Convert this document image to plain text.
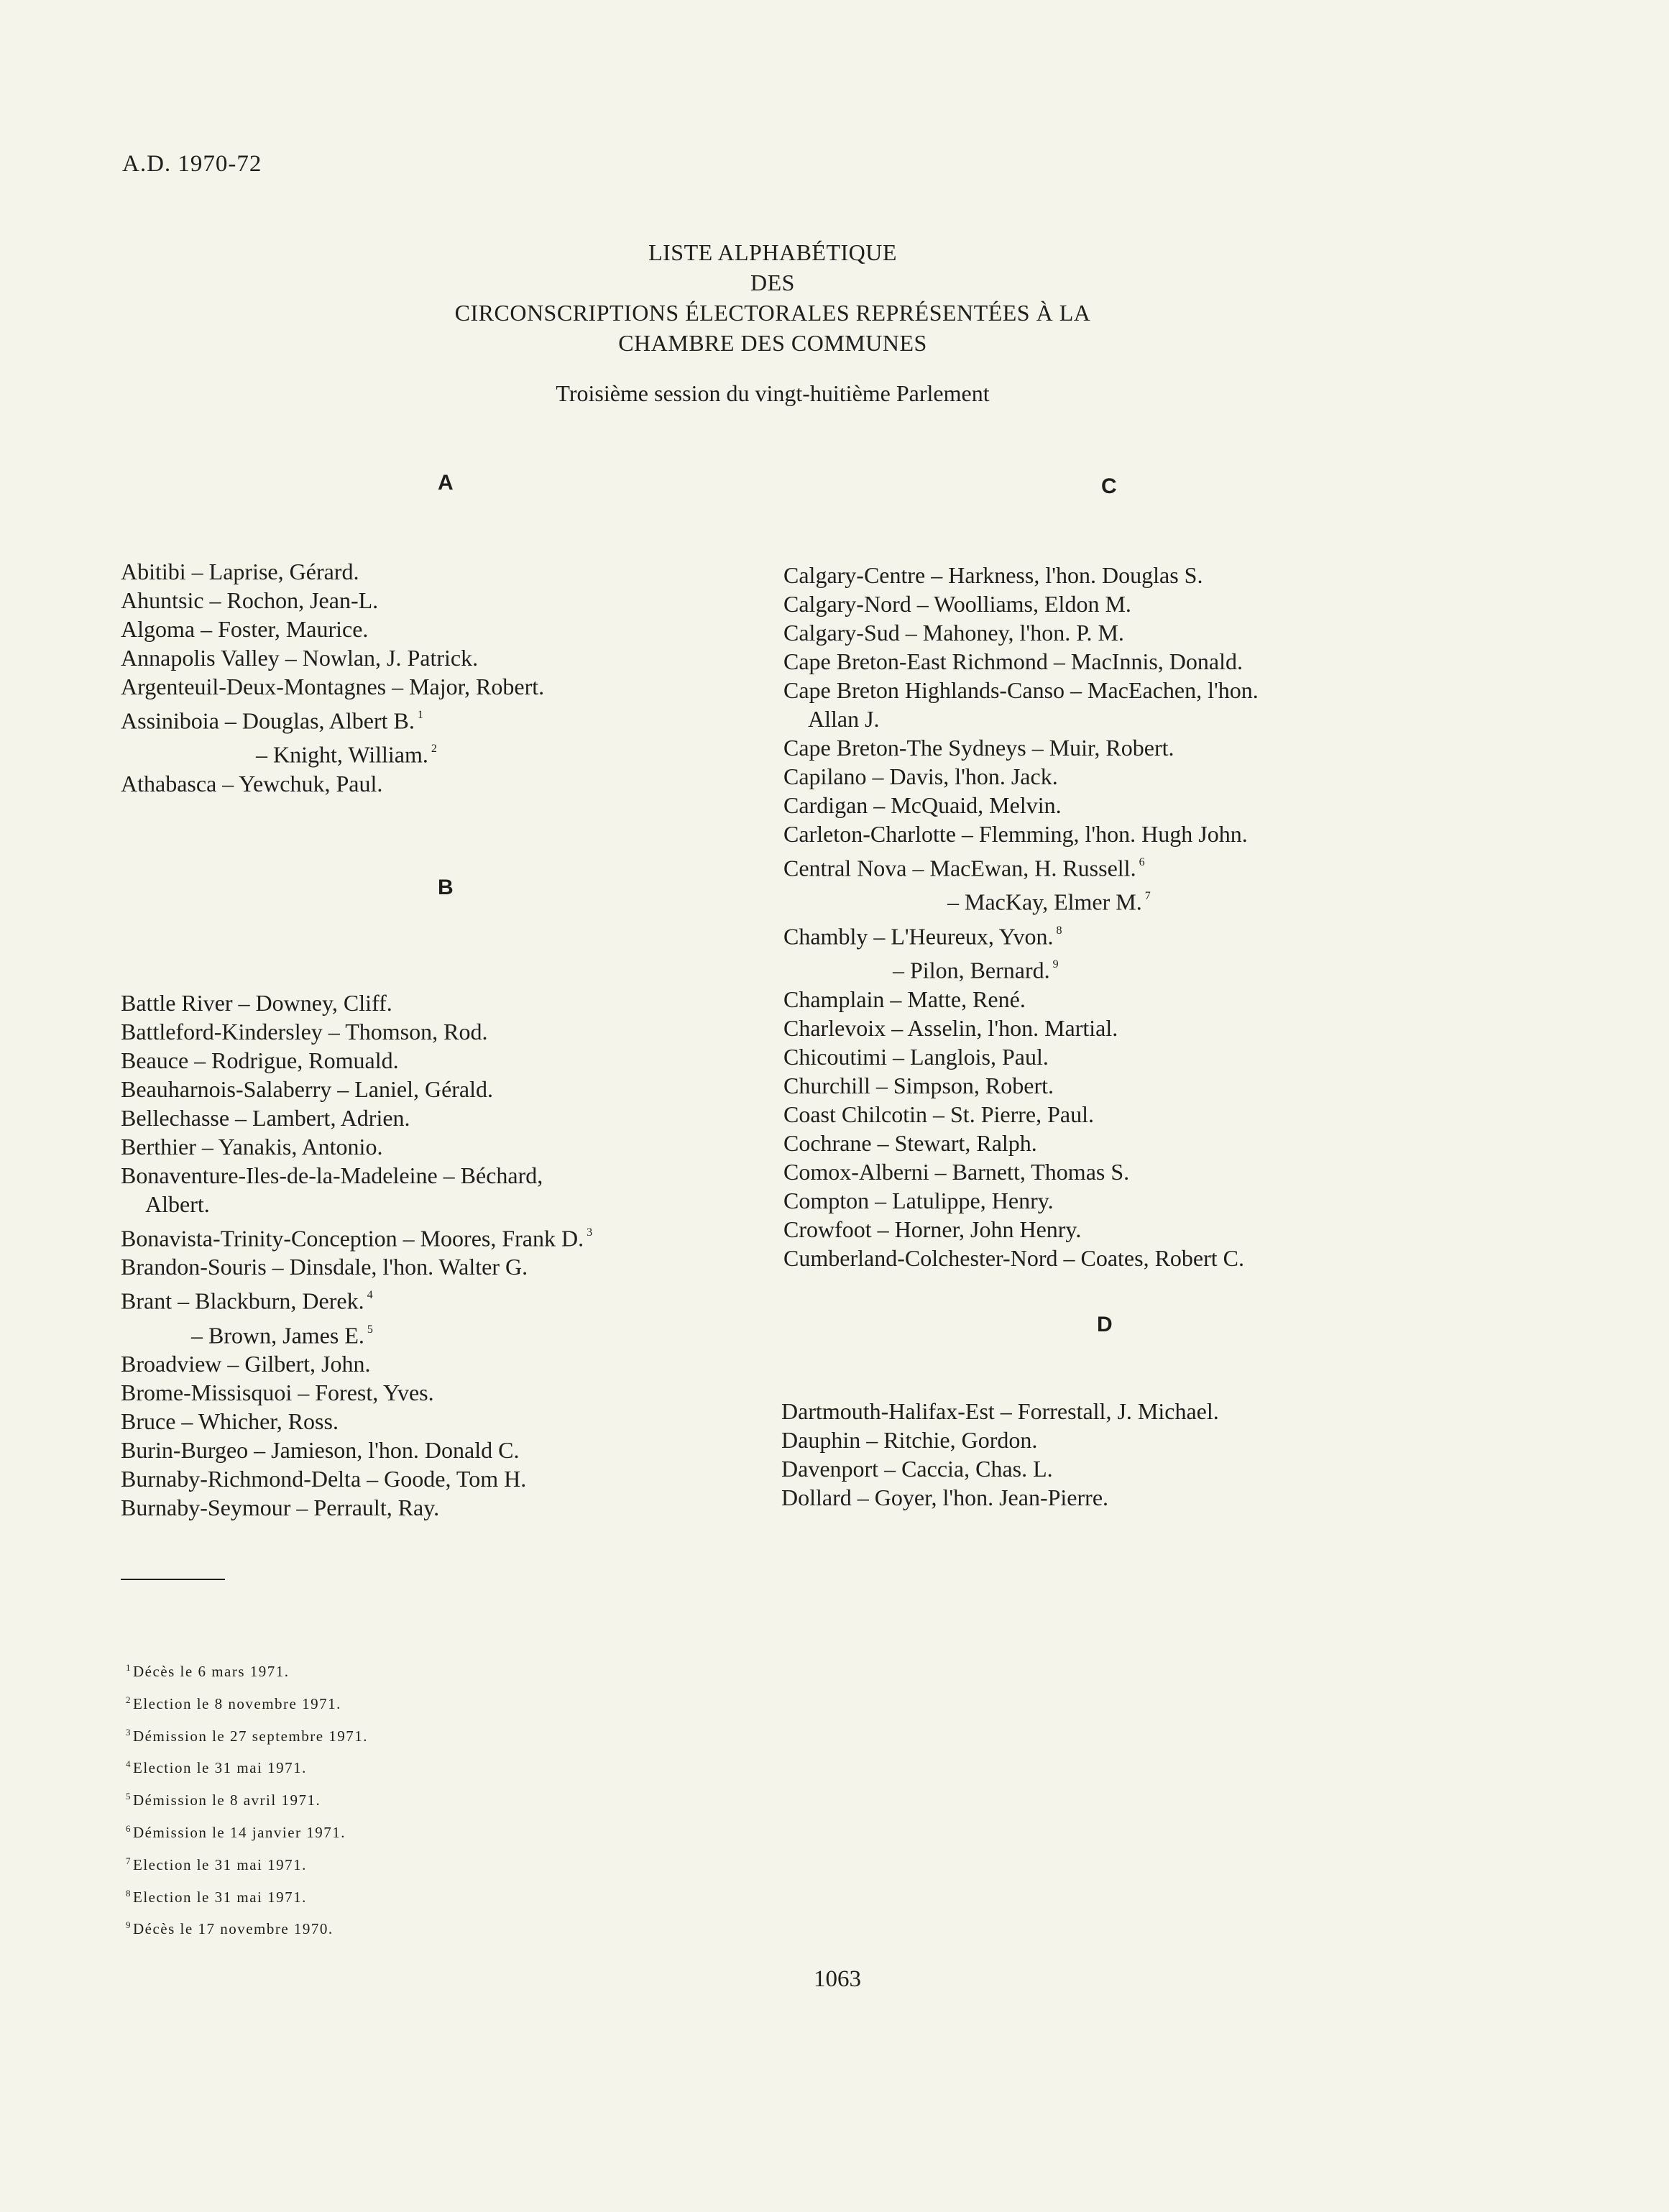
A.D. 1970-72
LISTE ALPHABÉTIQUE
DES
CIRCONSCRIPTIONS ÉLECTORALES REPRÉSENTÉES À LA
CHAMBRE DES COMMUNES
Troisième session du vingt-huitième Parlement
A
B
C
D
Abitibi – Laprise, Gérard.
Ahuntsic – Rochon, Jean-L.
Algoma – Foster, Maurice.
Annapolis Valley – Nowlan, J. Patrick.
Argenteuil-Deux-Montagnes – Major, Robert.
Assiniboia – Douglas, Albert B. $^1$
– Knight, William. $^2$
Athabasca – Yewchuk, Paul.
Battle River – Downey, Cliff.
Battleford-Kindersley – Thomson, Rod.
Beauce – Rodrigue, Romuald.
Beauharnois-Salaberry – Laniel, Gérald.
Bellechasse – Lambert, Adrien.
Berthier – Yanakis, Antonio.
Bonaventure-Iles-de-la-Madeleine – Béchard,
Albert.
Bonavista-Trinity-Conception – Moores, Frank D. $^3$
Brandon-Souris – Dinsdale, l'hon. Walter G.
Brant – Blackburn, Derek. $^4$
– Brown, James E. $^5$
Broadview – Gilbert, John.
Brome-Missisquoi – Forest, Yves.
Bruce – Whicher, Ross.
Burin-Burgeo – Jamieson, l'hon. Donald C.
Burnaby-Richmond-Delta – Goode, Tom H.
Burnaby-Seymour – Perrault, Ray.
Calgary-Centre – Harkness, l'hon. Douglas S.
Calgary-Nord – Woolliams, Eldon M.
Calgary-Sud – Mahoney, l'hon. P. M.
Cape Breton-East Richmond – MacInnis, Donald.
Cape Breton Highlands-Canso – MacEachen, l'hon.
Allan J.
Cape Breton-The Sydneys – Muir, Robert.
Capilano – Davis, l'hon. Jack.
Cardigan – McQuaid, Melvin.
Carleton-Charlotte – Flemming, l'hon. Hugh John.
Central Nova – MacEwan, H. Russell. $^6$
– MacKay, Elmer M. $^7$
Chambly – L'Heureux, Yvon. $^8$
– Pilon, Bernard. $^9$
Champlain – Matte, René.
Charlevoix – Asselin, l'hon. Martial.
Chicoutimi – Langlois, Paul.
Churchill – Simpson, Robert.
Coast Chilcotin – St. Pierre, Paul.
Cochrane – Stewart, Ralph.
Comox-Alberni – Barnett, Thomas S.
Compton – Latulippe, Henry.
Crowfoot – Horner, John Henry.
Cumberland-Colchester-Nord – Coates, Robert C.
Dartmouth-Halifax-Est – Forrestall, J. Michael.
Dauphin – Ritchie, Gordon.
Davenport – Caccia, Chas. L.
Dollard – Goyer, l'hon. Jean-Pierre.
$^1$Décès le 6 mars 1971.
$^2$Election le 8 novembre 1971.
$^3$Démission le 27 septembre 1971.
$^4$Election le 31 mai 1971.
$^5$Démission le 8 avril 1971.
$^6$Démission le 14 janvier 1971.
$^7$Election le 31 mai 1971.
$^8$Election le 31 mai 1971.
$^9$Décès le 17 novembre 1970.
1063
